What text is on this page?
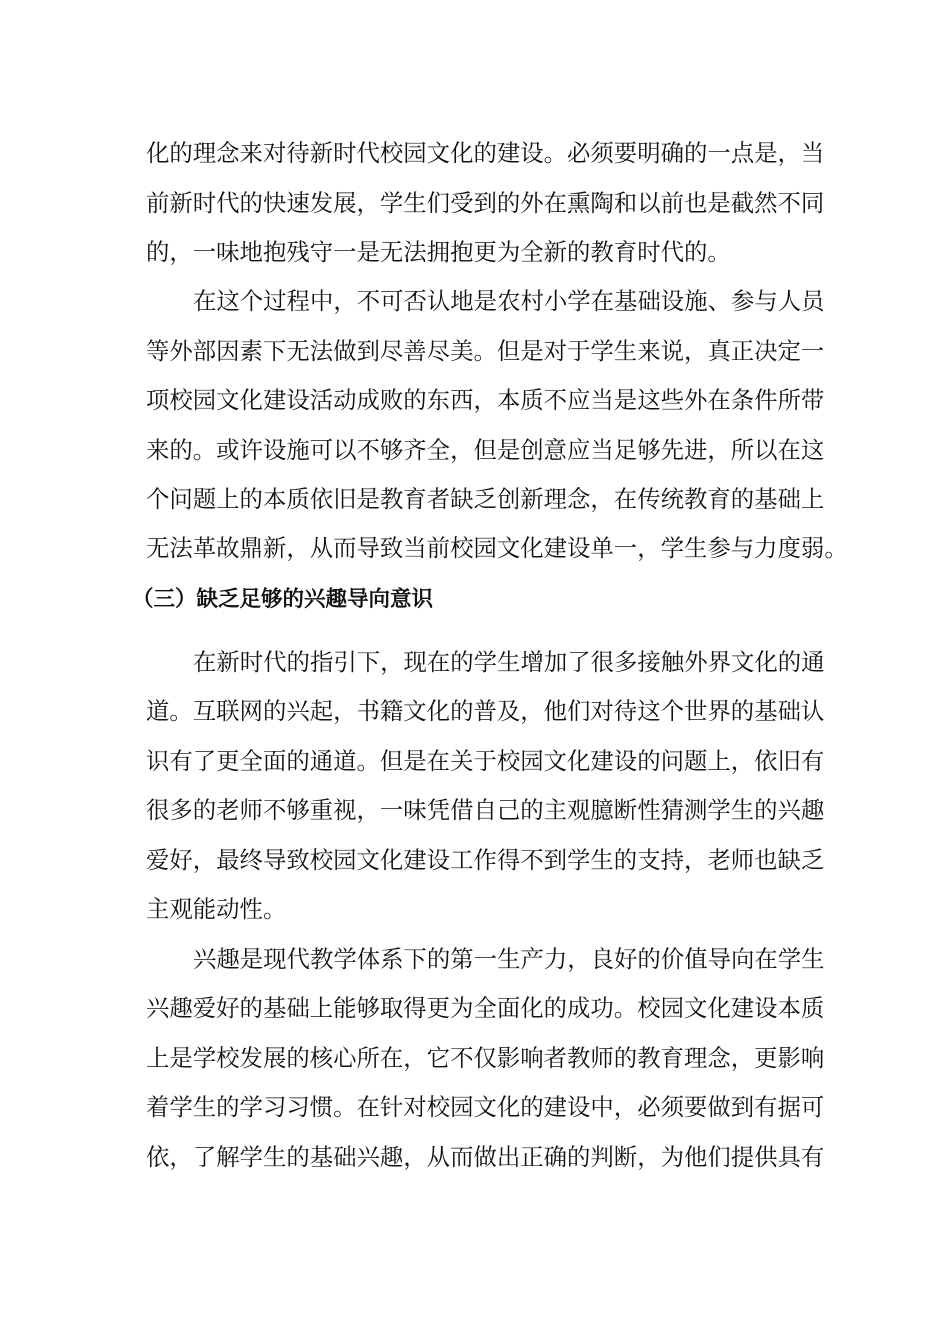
化的理念来对待新时代校园文化的建设。必须要明确的一点是，当
前新时代的快速发展，学生们受到的外在熏陶和以前也是截然不同
的，一味地抱残守一是无法拥抱更为全新的教育时代的。
在这个过程中，不可否认地是农村小学在基础设施、参与人员
等外部因素下无法做到尽善尽美。但是对于学生来说，真正决定一
项校园文化建设活动成败的东西，本质不应当是这些外在条件所带
来的。或许设施可以不够齐全，但是创意应当足够先进，所以在这
个问题上的本质依旧是教育者缺乏创新理念，在传统教育的基础上
无法革故鼎新，从而导致当前校园文化建设单一，学生参与力度弱。
（三）缺乏足够的兴趣导向意识
在新时代的指引下，现在的学生增加了很多接触外界文化的通
道。互联网的兴起，书籍文化的普及，他们对待这个世界的基础认
识有了更全面的通道。但是在关于校园文化建设的问题上，依旧有
很多的老师不够重视，一味凭借自己的主观臆断性猜测学生的兴趣
爱好，最终导致校园文化建设工作得不到学生的支持，老师也缺乏
主观能动性。
兴趣是现代教学体系下的第一生产力，良好的价值导向在学生
兴趣爱好的基础上能够取得更为全面化的成功。校园文化建设本质
上是学校发展的核心所在，它不仅影响者教师的教育理念，更影响
着学生的学习习惯。在针对校园文化的建设中，必须要做到有据可
依，了解学生的基础兴趣，从而做出正确的判断，为他们提供具有
